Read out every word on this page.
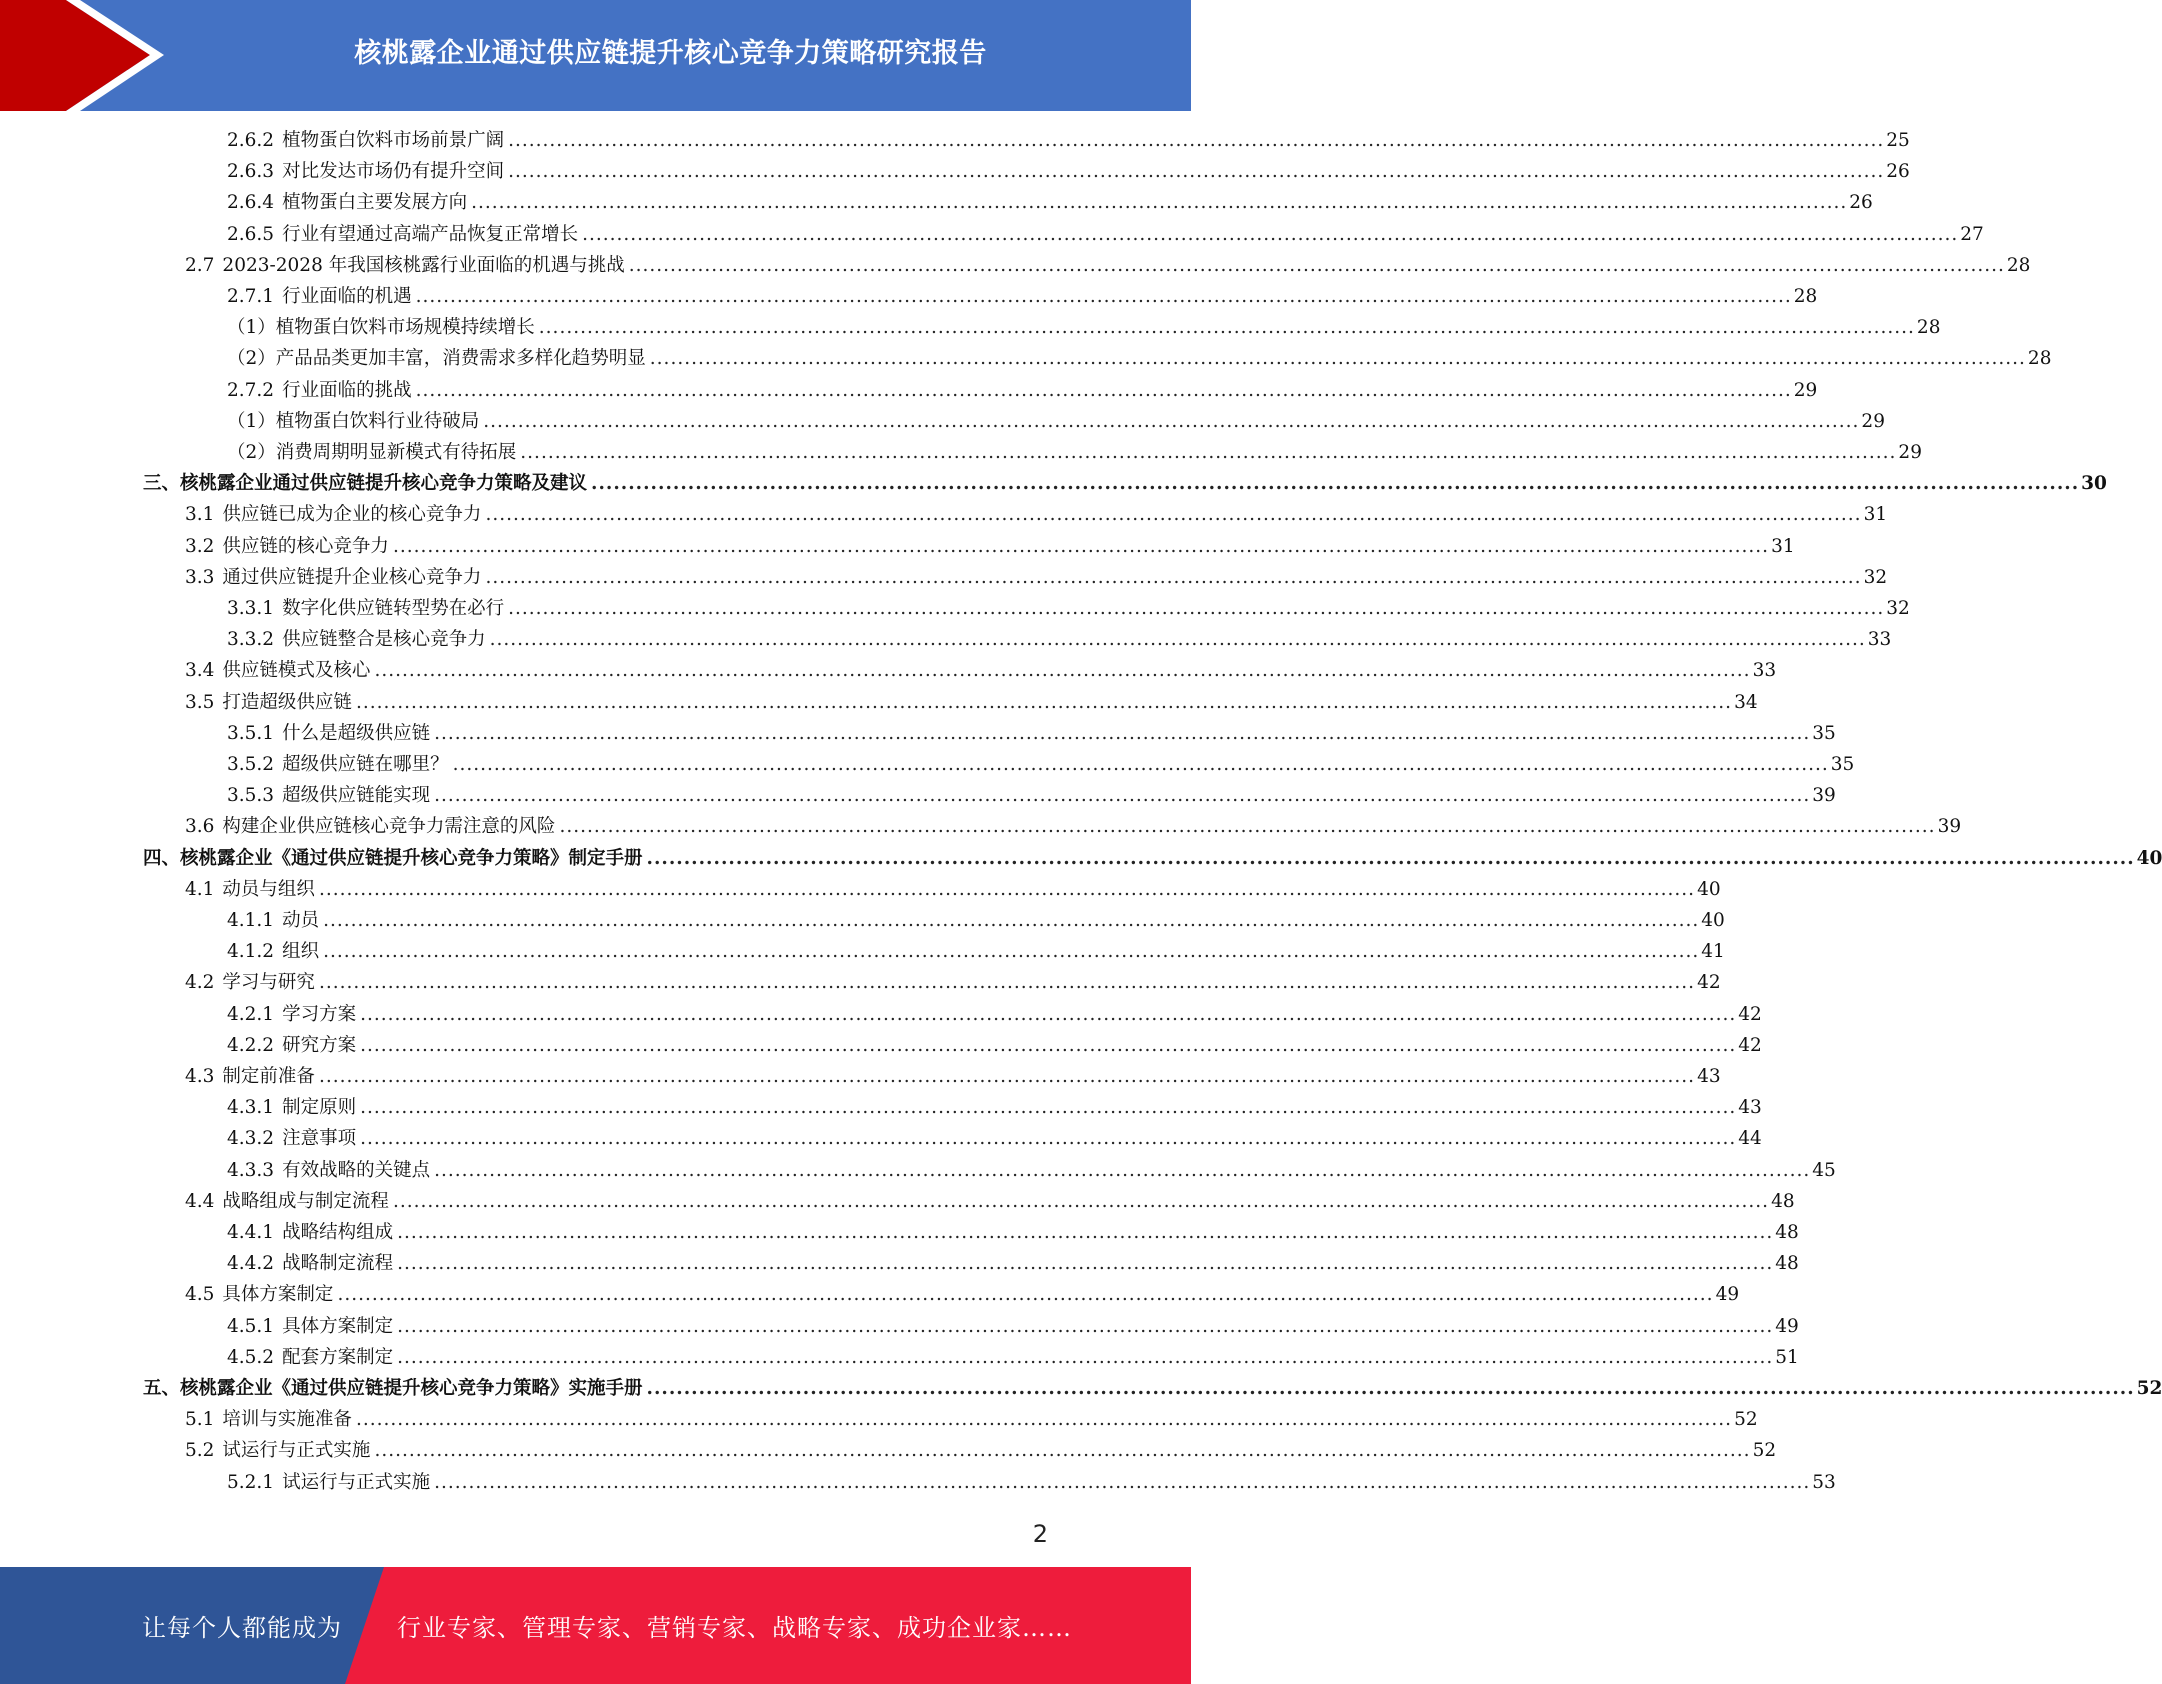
核桃露企业通过供应链提升核心竞争力策略研究报告
2.6.2 植物蛋白饮料市场前景广阔 ........................................................................................................................................................................................................ 25
2.6.3 对比发达市场仍有提升空间 ........................................................................................................................................................................................................ 26
2.6.4 植物蛋白主要发展方向 ........................................................................................................................................................................................................ 26
2.6.5 行业有望通过高端产品恢复正常增长 ........................................................................................................................................................................................................ 27
2.7 2023-2028 年我国核桃露行业面临的机遇与挑战 ........................................................................................................................................................................................................ 28
2.7.1 行业面临的机遇 ........................................................................................................................................................................................................ 28
（1） 植物蛋白饮料市场规模持续增长 ........................................................................................................................................................................................................ 28
（2） 产品品类更加丰富，消费需求多样化趋势明显 ........................................................................................................................................................................................................ 28
2.7.2 行业面临的挑战 ........................................................................................................................................................................................................ 29
（1） 植物蛋白饮料行业待破局 ........................................................................................................................................................................................................ 29
（2） 消费周期明显新模式有待拓展 ........................................................................................................................................................................................................ 29
三、 核桃露企业通过供应链提升核心竞争力策略及建议 ........................................................................................................................................................................................................ 30
3.1 供应链已成为企业的核心竞争力 ........................................................................................................................................................................................................ 31
3.2 供应链的核心竞争力 ........................................................................................................................................................................................................ 31
3.3 通过供应链提升企业核心竞争力 ........................................................................................................................................................................................................ 32
3.3.1 数字化供应链转型势在必行 ........................................................................................................................................................................................................ 32
3.3.2 供应链整合是核心竞争力 ........................................................................................................................................................................................................ 33
3.4 供应链模式及核心 ........................................................................................................................................................................................................ 33
3.5 打造超级供应链 ........................................................................................................................................................................................................ 34
3.5.1 什么是超级供应链 ........................................................................................................................................................................................................ 35
3.5.2 超级供应链在哪里？ ........................................................................................................................................................................................................ 35
3.5.3 超级供应链能实现 ........................................................................................................................................................................................................ 39
3.6 构建企业供应链核心竞争力需注意的风险 ........................................................................................................................................................................................................ 39
四、 核桃露企业《通过供应链提升核心竞争力策略》制定手册 ........................................................................................................................................................................................................ 40
4.1 动员与组织 ........................................................................................................................................................................................................ 40
4.1.1 动员 ........................................................................................................................................................................................................ 40
4.1.2 组织 ........................................................................................................................................................................................................ 41
4.2 学习与研究 ........................................................................................................................................................................................................ 42
4.2.1 学习方案 ........................................................................................................................................................................................................ 42
4.2.2 研究方案 ........................................................................................................................................................................................................ 42
4.3 制定前准备 ........................................................................................................................................................................................................ 43
4.3.1 制定原则 ........................................................................................................................................................................................................ 43
4.3.2 注意事项 ........................................................................................................................................................................................................ 44
4.3.3 有效战略的关键点 ........................................................................................................................................................................................................ 45
4.4 战略组成与制定流程 ........................................................................................................................................................................................................ 48
4.4.1 战略结构组成 ........................................................................................................................................................................................................ 48
4.4.2 战略制定流程 ........................................................................................................................................................................................................ 48
4.5 具体方案制定 ........................................................................................................................................................................................................ 49
4.5.1 具体方案制定 ........................................................................................................................................................................................................ 49
4.5.2 配套方案制定 ........................................................................................................................................................................................................ 51
五、 核桃露企业《通过供应链提升核心竞争力策略》实施手册 ........................................................................................................................................................................................................ 52
5.1 培训与实施准备 ........................................................................................................................................................................................................ 52
5.2 试运行与正式实施 ........................................................................................................................................................................................................ 52
5.2.1 试运行与正式实施 ........................................................................................................................................................................................................ 53
2
让每个人都能成为 行业专家、管理专家、营销专家、战略专家、成功企业家……
